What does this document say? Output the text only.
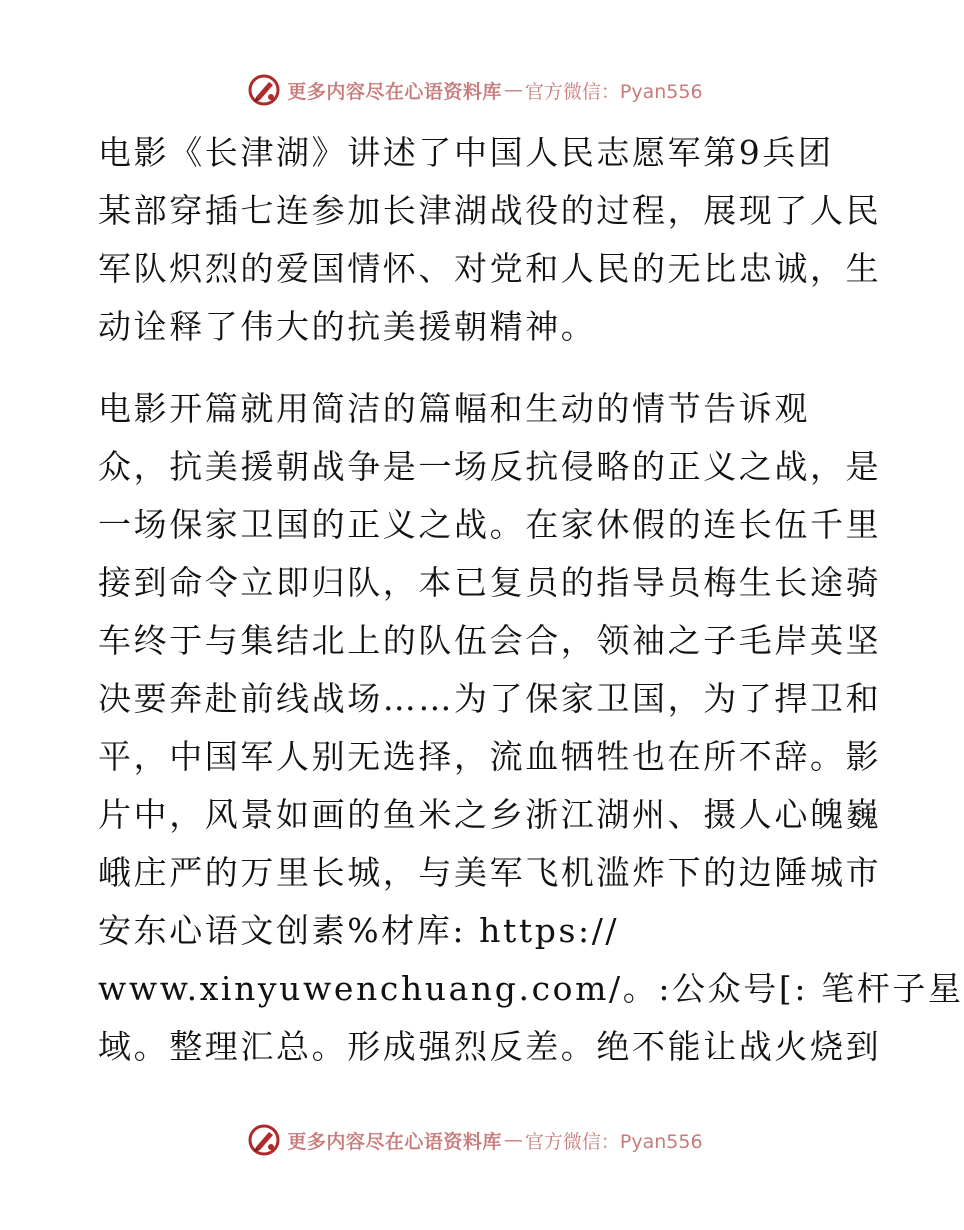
更多内容尽在心语资料库 — 官方微信：Pyan556
电影《长津湖》讲述了中国人民志愿军第9兵团
某部穿插七连参加长津湖战役的过程，展现了人民
军队炽烈的爱国情怀、对党和人民的无比忠诚，生
动诠释了伟大的抗美援朝精神。
电影开篇就用简洁的篇幅和生动的情节告诉观
众，抗美援朝战争是一场反抗侵略的正义之战，是
一场保家卫国的正义之战。在家休假的连长伍千里
接到命令立即归队，本已复员的指导员梅生长途骑
车终于与集结北上的队伍会合，领袖之子毛岸英坚
决要奔赴前线战场……为了保家卫国，为了捍卫和
平，中国军人别无选择，流血牺牲也在所不辞。影
片中，风景如画的鱼米之乡浙江湖州、摄人心魄巍
峨庄严的万里长城，与美军飞机滥炸下的边陲城市
安东心语文创素%材库: https://
www.xinyuwenchuang.com/。:公众号[: 笔杆子星
域。整理汇总。形成强烈反差。绝不能让战火烧到
更多内容尽在心语资料库 — 官方微信：Pyan556
